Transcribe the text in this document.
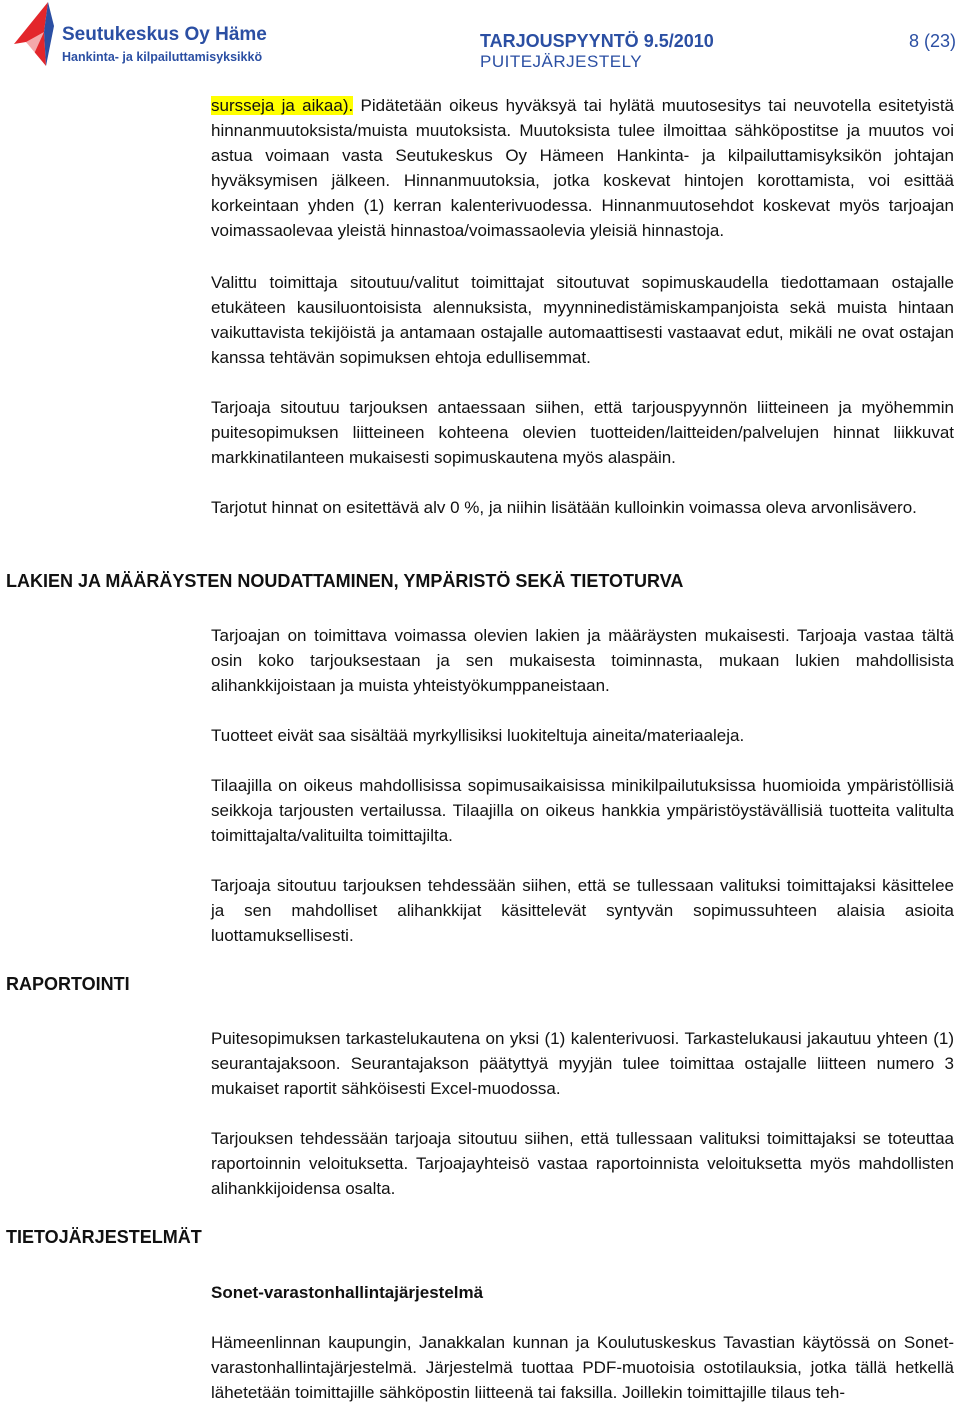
Seutukeskus Oy Häme
Hankinta- ja kilpailuttamisyksikkö
TARJOUSPYYNTÖ 9.5/2010
PUITEJÄRJESTELY
8 (23)

sursseja ja aikaa). Pidätetään oikeus hyväksyä tai hylätä muutosesitys tai neuvotella esitetyistä hinnanmuutoksista/muista muutoksista. Muutoksista tulee ilmoittaa sähköpostitse ja muutos voi astua voimaan vasta Seutukeskus Oy Hämeen Hankinta- ja kilpailuttamisyksikön johtajan hyväksymisen jälkeen. Hinnanmuutoksia, jotka koskevat hintojen korottamista, voi esittää korkeintaan yhden (1) kerran kalenterivuodessa. Hinnanmuutosehdot koskevat myös tarjoajan voimassaolevaa yleistä hinnastoa/voimassaolevia yleisiä hinnastoja.

Valittu toimittaja sitoutuu/valitut toimittajat sitoutuvat sopimuskaudella tiedottamaan ostajalle etukäteen kausiluontoisista alennuksista, myynninedistämiskampanjoista sekä muista hintaan vaikuttavista tekijöistä ja antamaan ostajalle automaattisesti vastaavat edut, mikäli ne ovat ostajan kanssa tehtävän sopimuksen ehtoja edullisemmat.

Tarjoaja sitoutuu tarjouksen antaessaan siihen, että tarjouspyynnön liitteineen ja myöhemmin puitesopimuksen liitteineen kohteena olevien tuotteiden/laitteiden/palvelujen hinnat liikkuvat markkinatilanteen mukaisesti sopimuskautena myös alaspäin.

Tarjotut hinnat on esitettävä alv 0 %, ja niihin lisätään kulloinkin voimassa oleva arvonlisävero.

LAKIEN JA MÄÄRÄYSTEN NOUDATTAMINEN, YMPÄRISTÖ SEKÄ TIETOTURVA

Tarjoajan on toimittava voimassa olevien lakien ja määräysten mukaisesti. Tarjoaja vastaa tältä osin koko tarjouksestaan ja sen mukaisesta toiminnasta, mukaan lukien mahdollisista alihankkijoistaan ja muista yhteistyökumppaneistaan.

Tuotteet eivät saa sisältää myrkyllisiksi luokiteltuja aineita/materiaaleja.

Tilaajilla on oikeus mahdollisissa sopimusaikaisissa minikilpailutuksissa huomioida ympäristöllisiä seikkoja tarjousten vertailussa. Tilaajilla on oikeus hankkia ympäristöystävällisiä tuotteita valitulta toimittajalta/valituilta toimittajilta.

Tarjoaja sitoutuu tarjouksen tehdessään siihen, että se tullessaan valituksi toimittajaksi käsittelee ja sen mahdolliset alihankkijat käsittelevät syntyvän sopimussuhteen alaisia asioita luottamuksellisesti.

RAPORTOINTI

Puitesopimuksen tarkastelukautena on yksi (1) kalenterivuosi. Tarkastelukausi jakautuu yhteen (1) seurantajaksoon. Seurantajakson päätyttyä myyjän tulee toimittaa ostajalle liitteen numero 3 mukaiset raportit sähköisesti Excel-muodossa.

Tarjouksen tehdessään tarjoaja sitoutuu siihen, että tullessaan valituksi toimittajaksi se toteuttaa raportoinnin veloituksetta. Tarjoajayhteisö vastaa raportoinnista veloituksetta myös mahdollisten alihankkijoidensa osalta.

TIETOJÄRJESTELMÄT
Sonet-varastonhallintajärjestelmä

Hämeenlinnan kaupungin, Janakkalan kunnan ja Koulutuskeskus Tavastian käytössä on Sonet-varastonhallintajärjestelmä. Järjestelmä tuottaa PDF-muotoisia ostotilauksia, jotka tällä hetkellä lähetetään toimittajille sähköpostin liitteenä tai faksilla. Joillekin toimittajille tilaus teh-
